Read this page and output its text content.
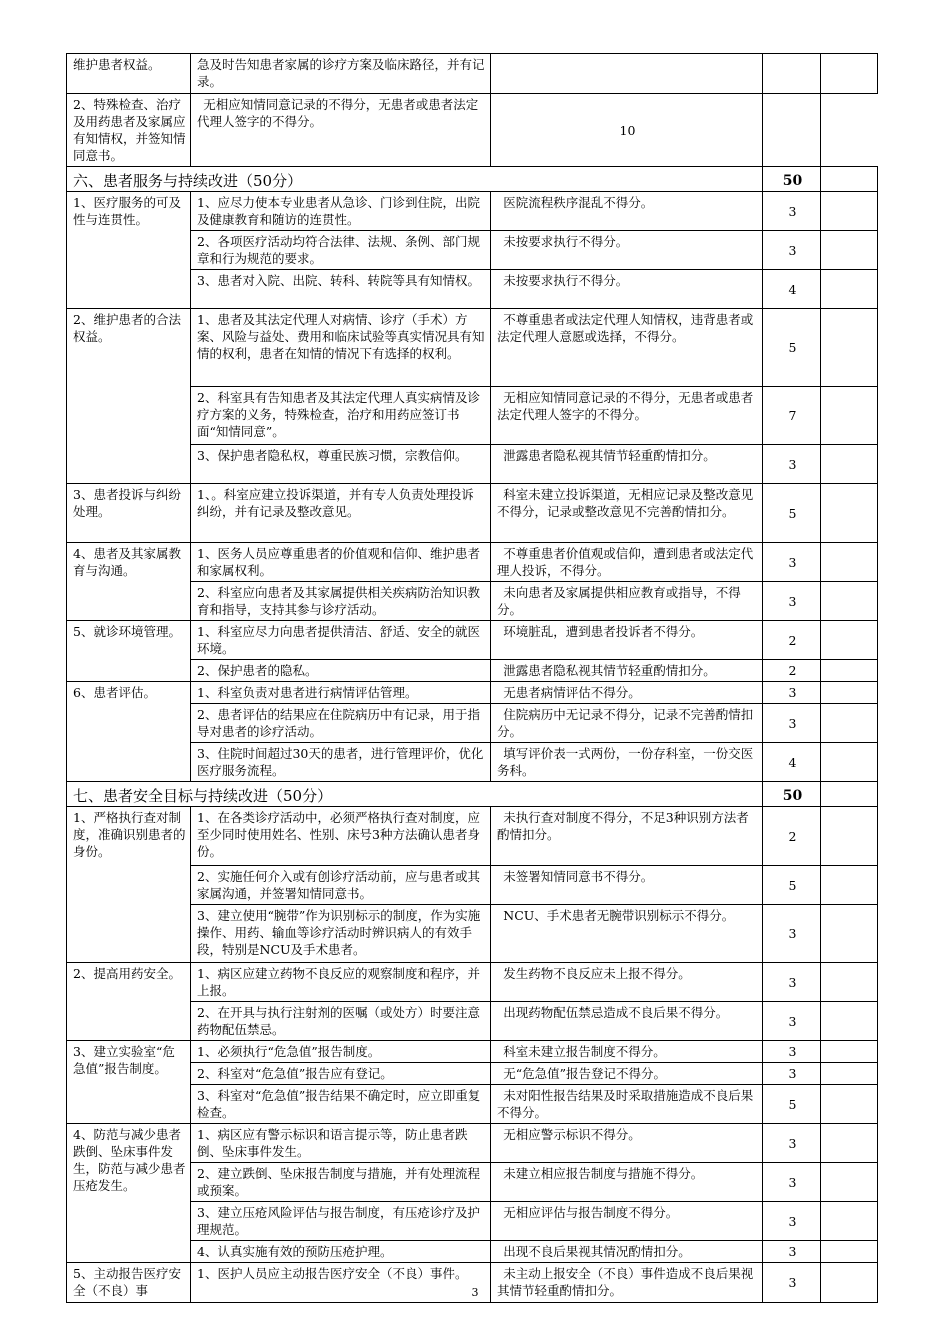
维护患者权益。	急及时告知患者家属的诊疗方案及临床路径，并有记录。			
2、特殊检查、治疗及用药患者及家属应有知情权，并签知情同意书。	无相应知情同意记录的不得分，无患者或患者法定代理人签字的不得分。	10		
六、患者服务与持续改进（50分）			50	
1、医疗服务的可及性与连贯性。	1、应尽力使本专业患者从急诊、门诊到住院，出院及健康教育和随访的连贯性。	医院流程秩序混乱不得分。	3	
	2、各项医疗活动均符合法律、法规、条例、部门规章和行为规范的要求。	未按要求执行不得分。	3	
	3、患者对入院、出院、转科、转院等具有知情权。	未按要求执行不得分。	4	
2、维护患者的合法权益。	1、患者及其法定代理人对病情、诊疗（手术）方案、风险与益处、费用和临床试验等真实情况具有知情的权利，患者在知情的情况下有选择的权利。	不尊重患者或法定代理人知情权，违背患者或法定代理人意愿或选择，不得分。	5	
	2、科室具有告知患者及其法定代理人真实病情及诊疗方案的义务，特殊检查，治疗和用药应签订书面“知情同意”。	无相应知情同意记录的不得分，无患者或患者法定代理人签字的不得分。	7	
	3、保护患者隐私权，尊重民族习惯，宗教信仰。	泄露患者隐私视其情节轻重酌情扣分。	3	
3、患者投诉与纠纷处理。	1、。科室应建立投诉渠道，并有专人负责处理投诉纠纷，并有记录及整改意见。	科室未建立投诉渠道，无相应记录及整改意见不得分，记录或整改意见不完善酌情扣分。	5	
4、患者及其家属教育与沟通。	1、医务人员应尊重患者的价值观和信仰、维护患者和家属权利。	不尊重患者价值观或信仰，遭到患者或法定代理人投诉，不得分。	3	
	2、科室应向患者及其家属提供相关疾病防治知识教育和指导，支持其参与诊疗活动。	未向患者及家属提供相应教育或指导，不得分。	3	
5、就诊环境管理。	1、科室应尽力向患者提供清洁、舒适、安全的就医环境。	环境脏乱，遭到患者投诉者不得分。	2	
	2、保护患者的隐私。	泄露患者隐私视其情节轻重酌情扣分。	2	
6、患者评估。	1、科室负责对患者进行病情评估管理。	无患者病情评估不得分。	3	
	2、患者评估的结果应在住院病历中有记录，用于指导对患者的诊疗活动。	住院病历中无记录不得分，记录不完善酌情扣分。	3	
	3、住院时间超过30天的患者，进行管理评价，优化医疗服务流程。	填写评价表一式两份，一份存科室，一份交医务科。	4	
七、患者安全目标与持续改进（50分）			50	
1、严格执行查对制度，准确识别患者的身份。	1、在各类诊疗活动中，必须严格执行查对制度，应至少同时使用姓名、性别、床号3种方法确认患者身份。	未执行查对制度不得分，不足3种识别方法者酌情扣分。	2	
	2、实施任何介入或有创诊疗活动前，应与患者或其家属沟通，并签署知情同意书。	未签署知情同意书不得分。	5	
	3、建立使用“腕带”作为识别标示的制度，作为实施操作、用药、输血等诊疗活动时辨识病人的有效手段，特别是NCU及手术患者。	NCU、手术患者无腕带识别标示不得分。	3	
2、提高用药安全。	1、病区应建立药物不良反应的观察制度和程序，并上报。	发生药物不良反应未上报不得分。	3	
	2、在开具与执行注射剂的医嘱（或处方）时要注意药物配伍禁忌。	出现药物配伍禁忌造成不良后果不得分。	3	
3、建立实验室“危急值”报告制度。	1、必须执行“危急值”报告制度。	科室未建立报告制度不得分。	3	
	2、科室对“危急值”报告应有登记。	无“危急值”报告登记不得分。	3	
	3、科室对“危急值”报告结果不确定时，应立即重复检查。	未对阳性报告结果及时采取措施造成不良后果不得分。	5	
4、防范与减少患者跌倒、坠床事件发生，防范与减少患者压疮发生。	1、病区应有警示标识和语言提示等，防止患者跌倒、坠床事件发生。	无相应警示标识不得分。	3	
	2、建立跌倒、坠床报告制度与措施，并有处理流程或预案。	未建立相应报告制度与措施不得分。	3	
	3、建立压疮风险评估与报告制度，有压疮诊疗及护理规范。	无相应评估与报告制度不得分。	3	
	4、认真实施有效的预防压疮护理。	出现不良后果视其情况酌情扣分。	3	
5、主动报告医疗安全（不良）事	1、医护人员应主动报告医疗安全（不良）事件。	未主动上报安全（不良）事件造成不良后果视其情节轻重酌情扣分。	3	
3
